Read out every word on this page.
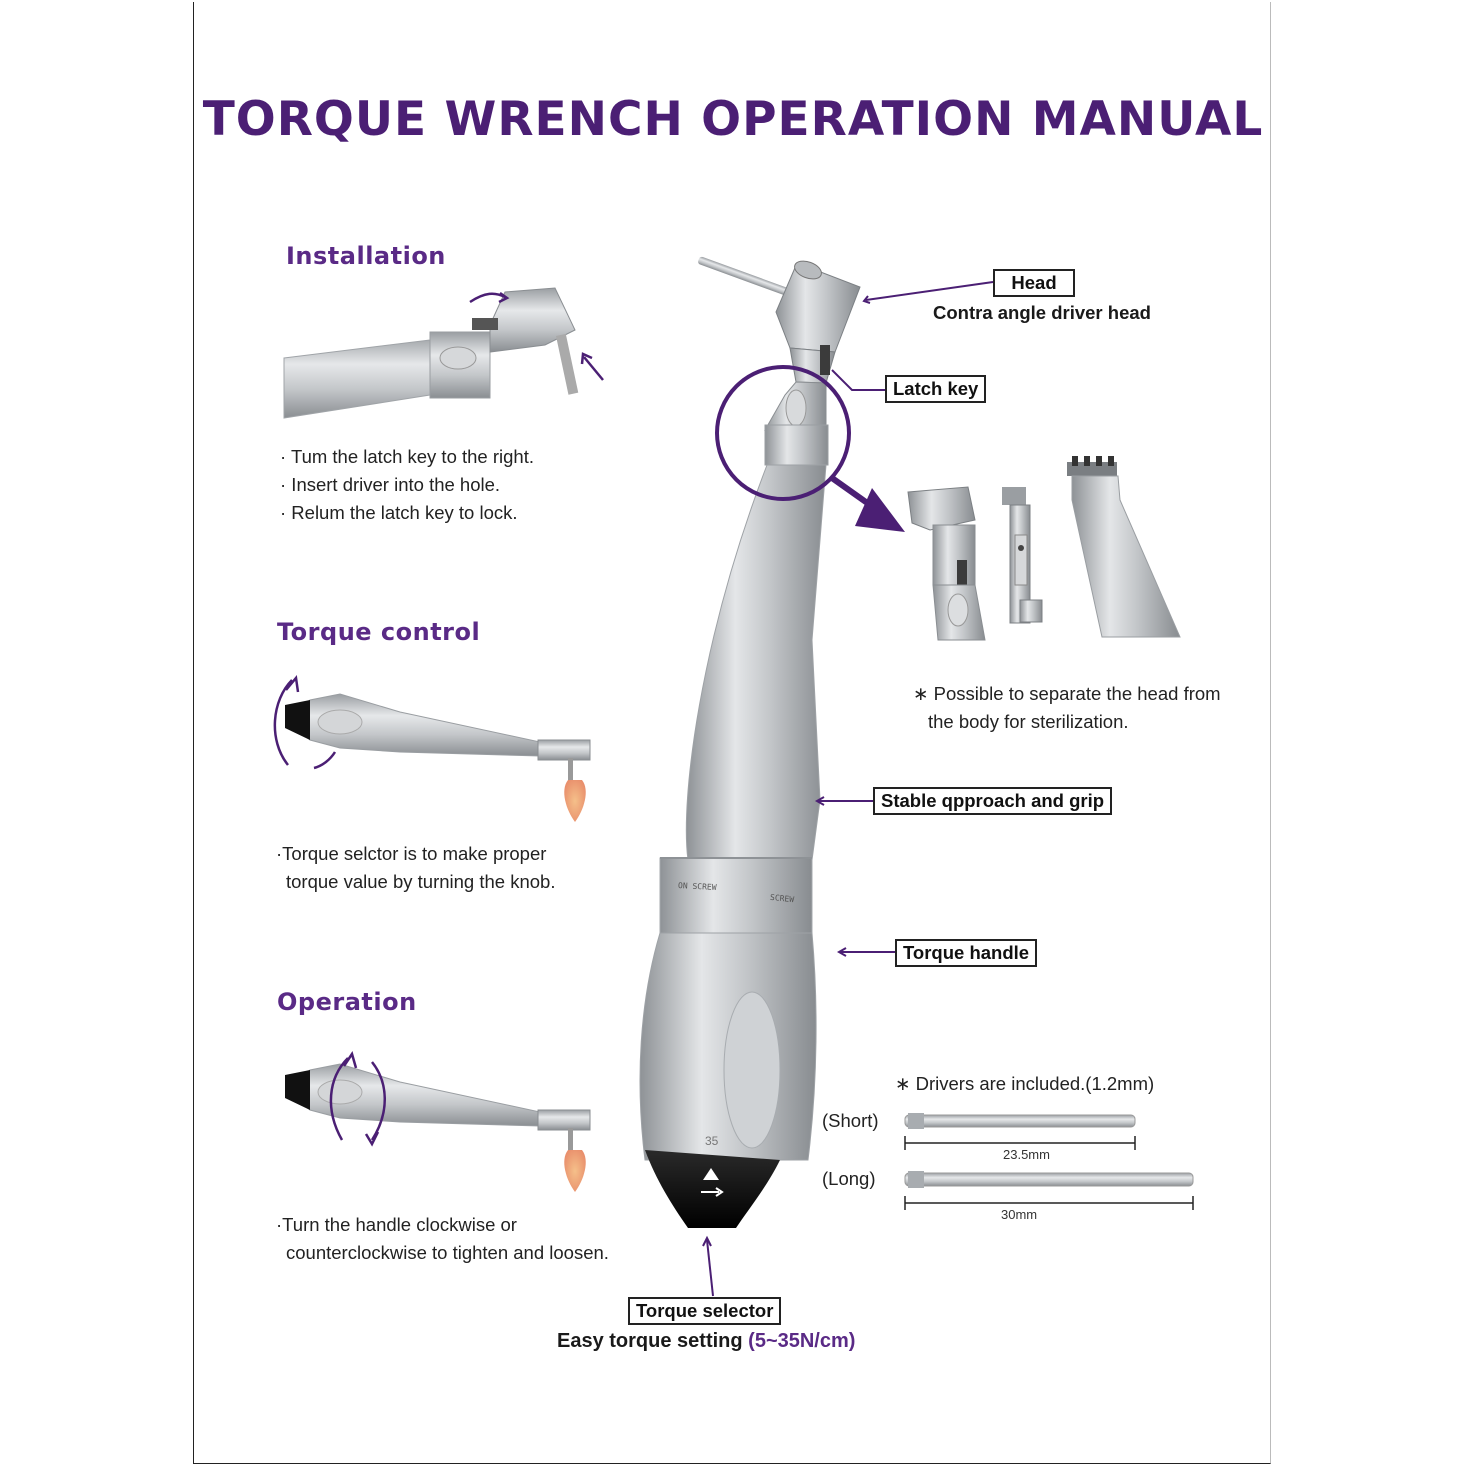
TORQUE WRENCH OPERATION MANUAL
ON SCREW
SCREW
35
Installation
· Tum the latch key to the right.
· Insert driver into the hole.
· Relum the latch key to lock.
Torque control
·Torque selctor is to make proper
torque value by turning the knob.
Operation
·Turn the handle clockwise or
counterclockwise to tighten and loosen.
Head
Contra angle driver head
Latch key
∗ Possible to separate the head from
the body for sterilization.
Stable qpproach and grip
Torque handle
∗ Drivers are included.(1.2mm)
(Short)
23.5mm
(Long)
30mm
Torque selector
Easy torque setting (5~35N/cm)
